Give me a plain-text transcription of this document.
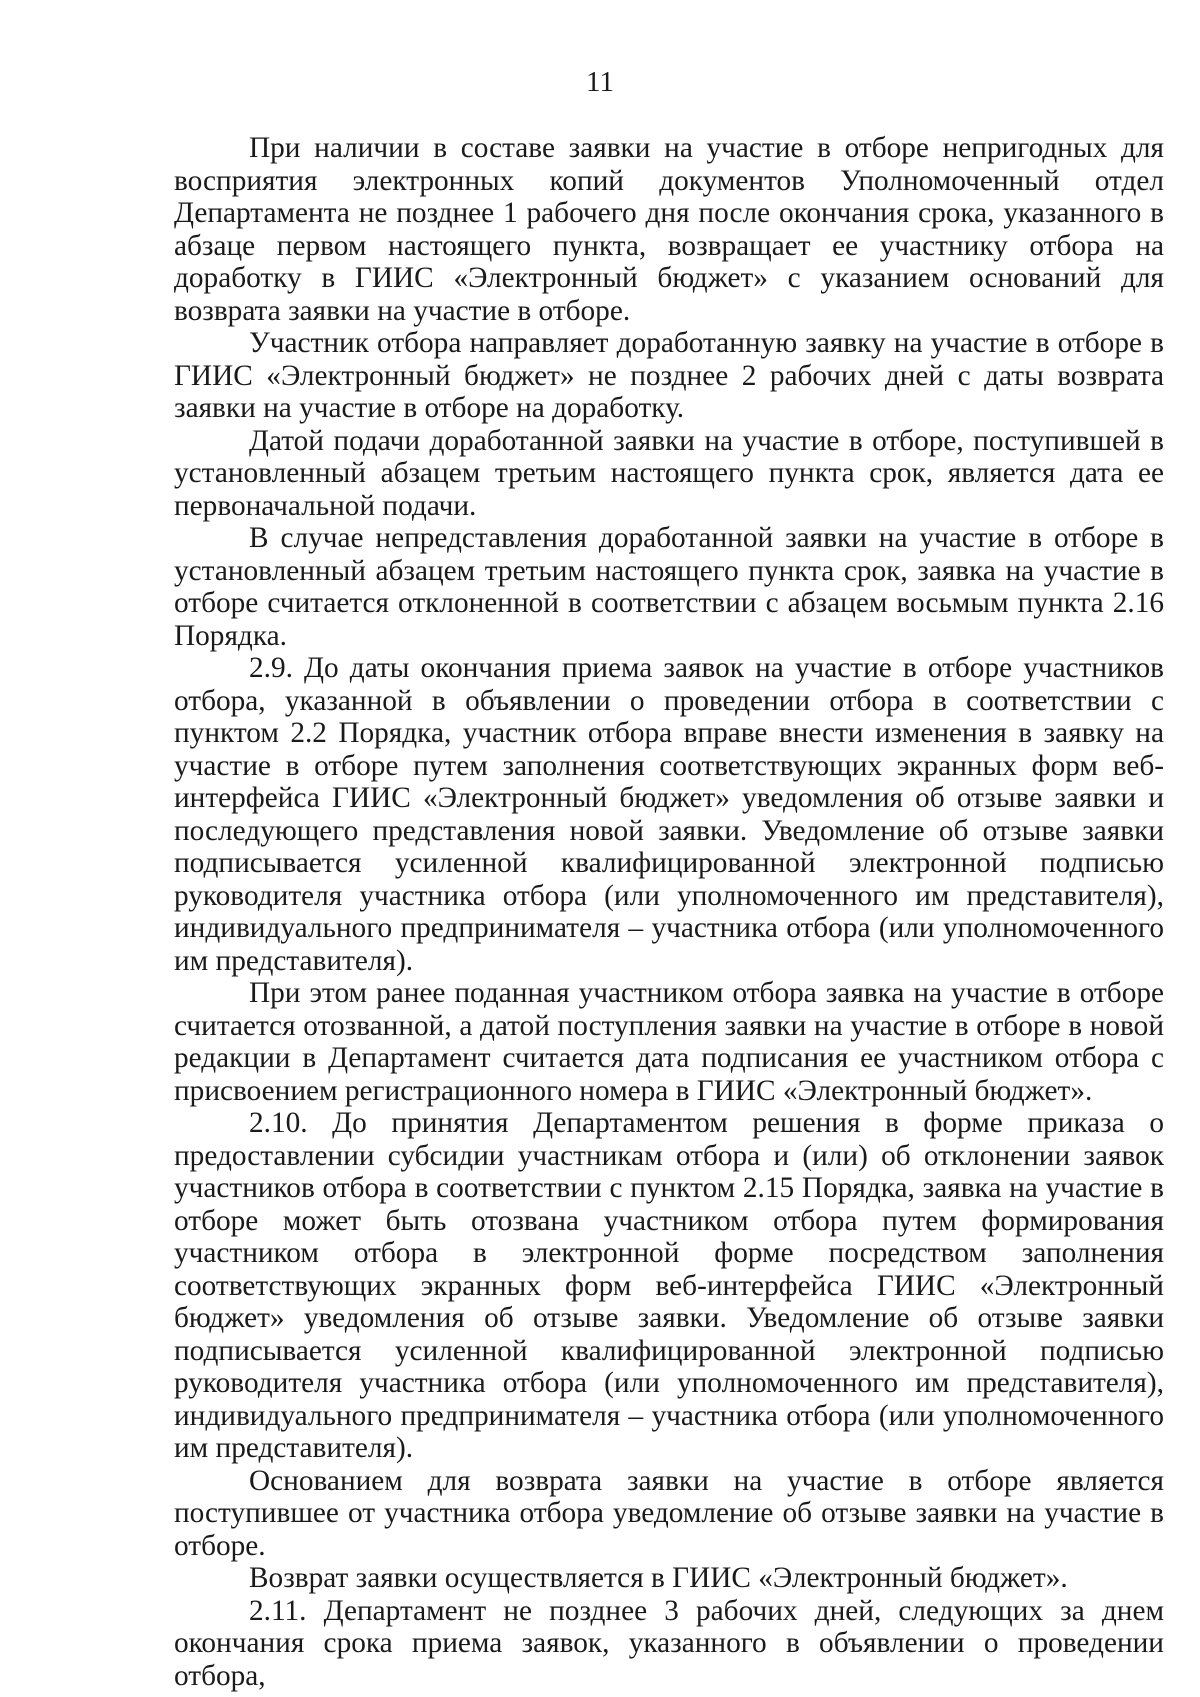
11

При наличии в составе заявки на участие в отборе непригодных для восприятия электронных копий документов Уполномоченный отдел Департамента не позднее 1 рабочего дня после окончания срока, указанного в абзаце первом настоящего пункта, возвращает ее участнику отбора на доработку в ГИИС «Электронный бюджет» с указанием оснований для возврата заявки на участие в отборе.

Участник отбора направляет доработанную заявку на участие в отборе в ГИИС «Электронный бюджет» не позднее 2 рабочих дней с даты возврата заявки на участие в отборе на доработку.

Датой подачи доработанной заявки на участие в отборе, поступившей в установленный абзацем третьим настоящего пункта срок, является дата ее первоначальной подачи.

В случае непредставления доработанной заявки на участие в отборе в установленный абзацем третьим настоящего пункта срок, заявка на участие в отборе считается отклоненной в соответствии с абзацем восьмым пункта 2.16 Порядка.

2.9. До даты окончания приема заявок на участие в отборе участников отбора, указанной в объявлении о проведении отбора в соответствии с пунктом 2.2 Порядка, участник отбора вправе внести изменения в заявку на участие в отборе путем заполнения соответствующих экранных форм веб-интерфейса ГИИС «Электронный бюджет» уведомления об отзыве заявки и последующего представления новой заявки. Уведомление об отзыве заявки подписывается усиленной квалифицированной электронной подписью руководителя участника отбора (или уполномоченного им представителя), индивидуального предпринимателя – участника отбора (или уполномоченного им представителя).

При этом ранее поданная участником отбора заявка на участие в отборе считается отозванной, а датой поступления заявки на участие в отборе в новой редакции в Департамент считается дата подписания ее участником отбора с присвоением регистрационного номера в ГИИС «Электронный бюджет».

2.10. До принятия Департаментом решения в форме приказа о предоставлении субсидии участникам отбора и (или) об отклонении заявок участников отбора в соответствии с пунктом 2.15 Порядка, заявка на участие в отборе может быть отозвана участником отбора путем формирования участником отбора в электронной форме посредством заполнения соответствующих экранных форм веб-интерфейса ГИИС «Электронный бюджет» уведомления об отзыве заявки. Уведомление об отзыве заявки подписывается усиленной квалифицированной электронной подписью руководителя участника отбора (или уполномоченного им представителя), индивидуального предпринимателя – участника отбора (или уполномоченного им представителя).

Основанием для возврата заявки на участие в отборе является поступившее от участника отбора уведомление об отзыве заявки на участие в отборе.

Возврат заявки осуществляется в ГИИС «Электронный бюджет».

2.11. Департамент не позднее 3 рабочих дней, следующих за днем окончания срока приема заявок, указанного в объявлении о проведении отбора,
